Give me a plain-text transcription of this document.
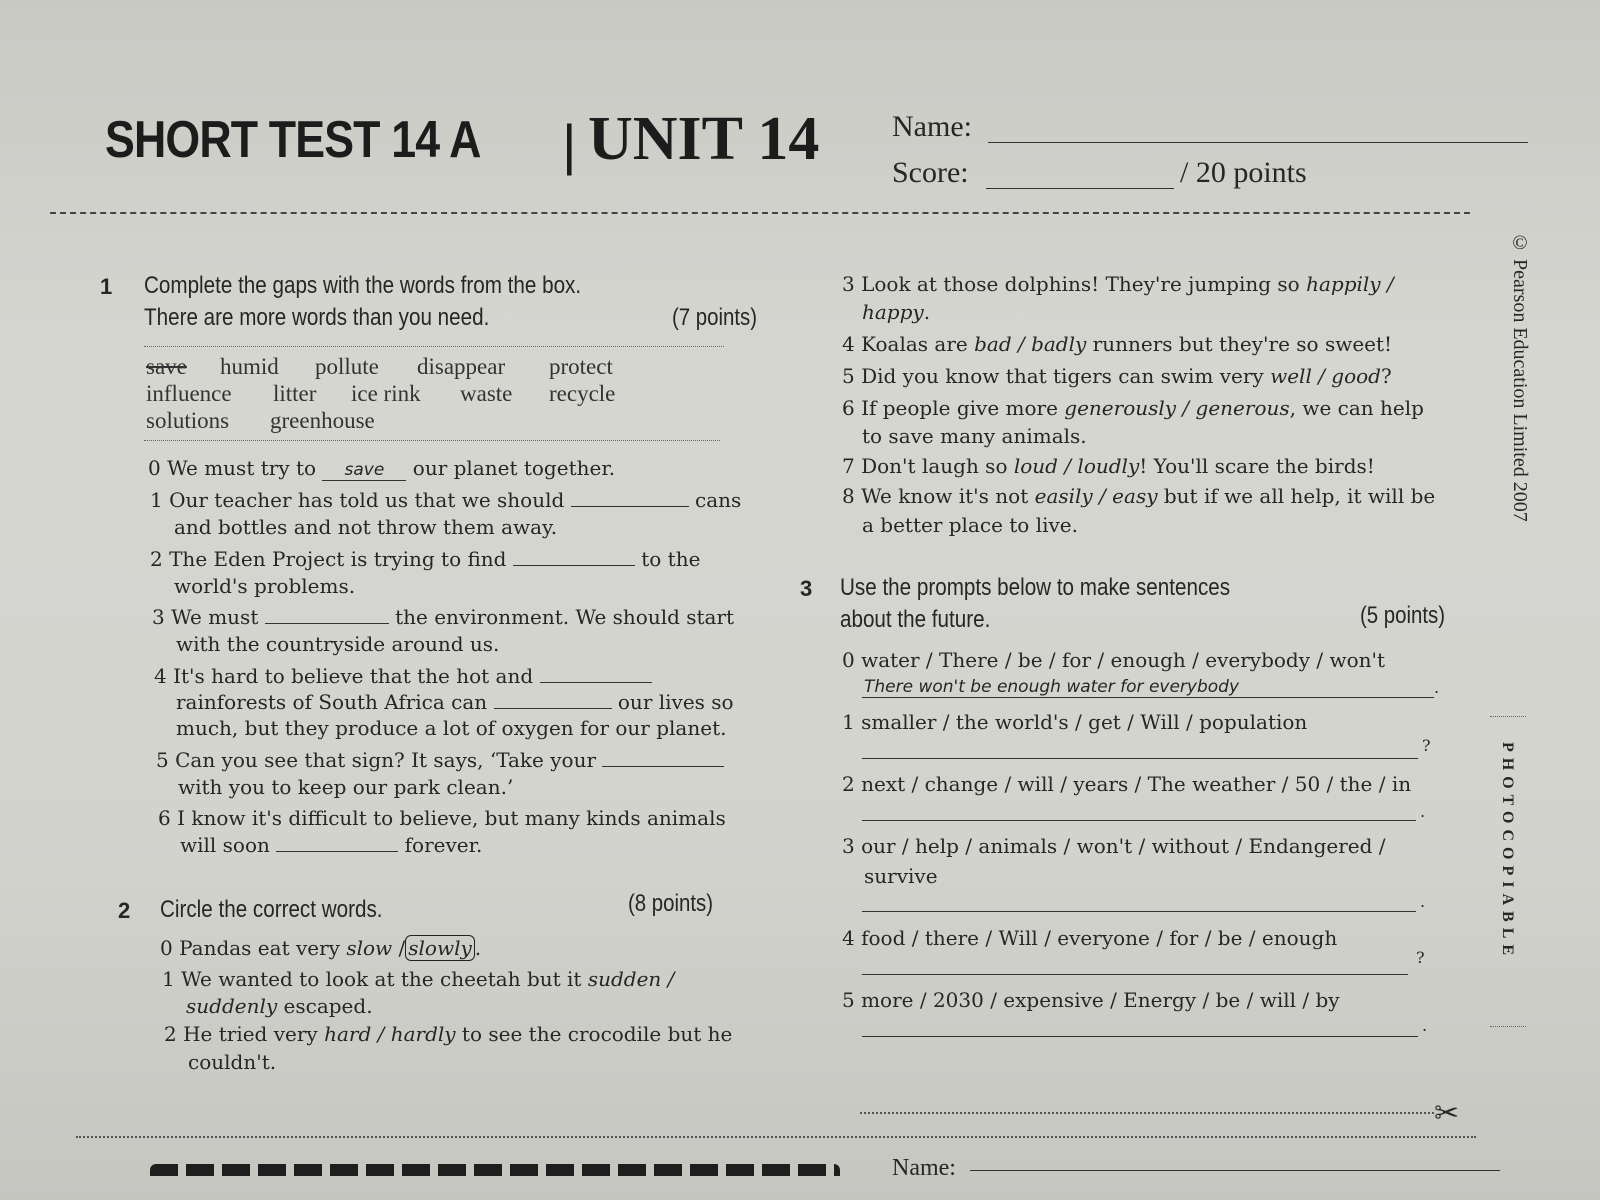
SHORT TEST 14 A | UNIT 14 Name:
Score:	/ 20 points
© Pearson Education Limited 2007
PHOTOCOPIABLE
1 Complete the gaps with the words from the box.
There are more words than you need.	(7 points)
save humid pollute disappear protect
influence litter ice rink waste recycle
solutions greenhouse
0 We must try to save our planet together.
1 Our teacher has told us that we should	cans
and bottles and not throw them away.
2 The Eden Project is trying to find	to the
world's problems.
3 We must	the environment. We should start
with the countryside around us.
4 It's hard to believe that the hot and
rainforests of South Africa can	our lives so
much, but they produce a lot of oxygen for our planet.
5 Can you see that sign? It says, ‘Take your
with you to keep our park clean.’
6 I know it's difficult to believe, but many kinds animals
will soon	forever.
2 Circle the correct words.	(8 points)
0 Pandas eat very slow / slowly .
1 We wanted to look at the cheetah but it sudden /
suddenly escaped.
2 He tried very hard / hardly to see the crocodile but he
couldn't.
3 Look at those dolphins! They're jumping so happily /
happy.
4 Koalas are bad / badly runners but they're so sweet!
5 Did you know that tigers can swim very well / good?
6 If people give more generously / generous, we can help
to save many animals.
7 Don't laugh so loud / loudly! You'll scare the birds!
8 We know it's not easily / easy but if we all help, it will be
a better place to live.
3 Use the prompts below to make sentences
about the future.	(5 points)
0 water / There / be / for / enough / everybody / won't
There won't be enough water for everybody	.
1 smaller / the world's / get / Will / population
?
2 next / change / will / years / The weather / 50 / the / in
.
3 our / help / animals / won't / without / Endangered /
survive
.
4 food / there / Will / everyone / for / be / enough
?
5 more / 2030 / expensive / Energy / be / will / by
.
✂
Name:
